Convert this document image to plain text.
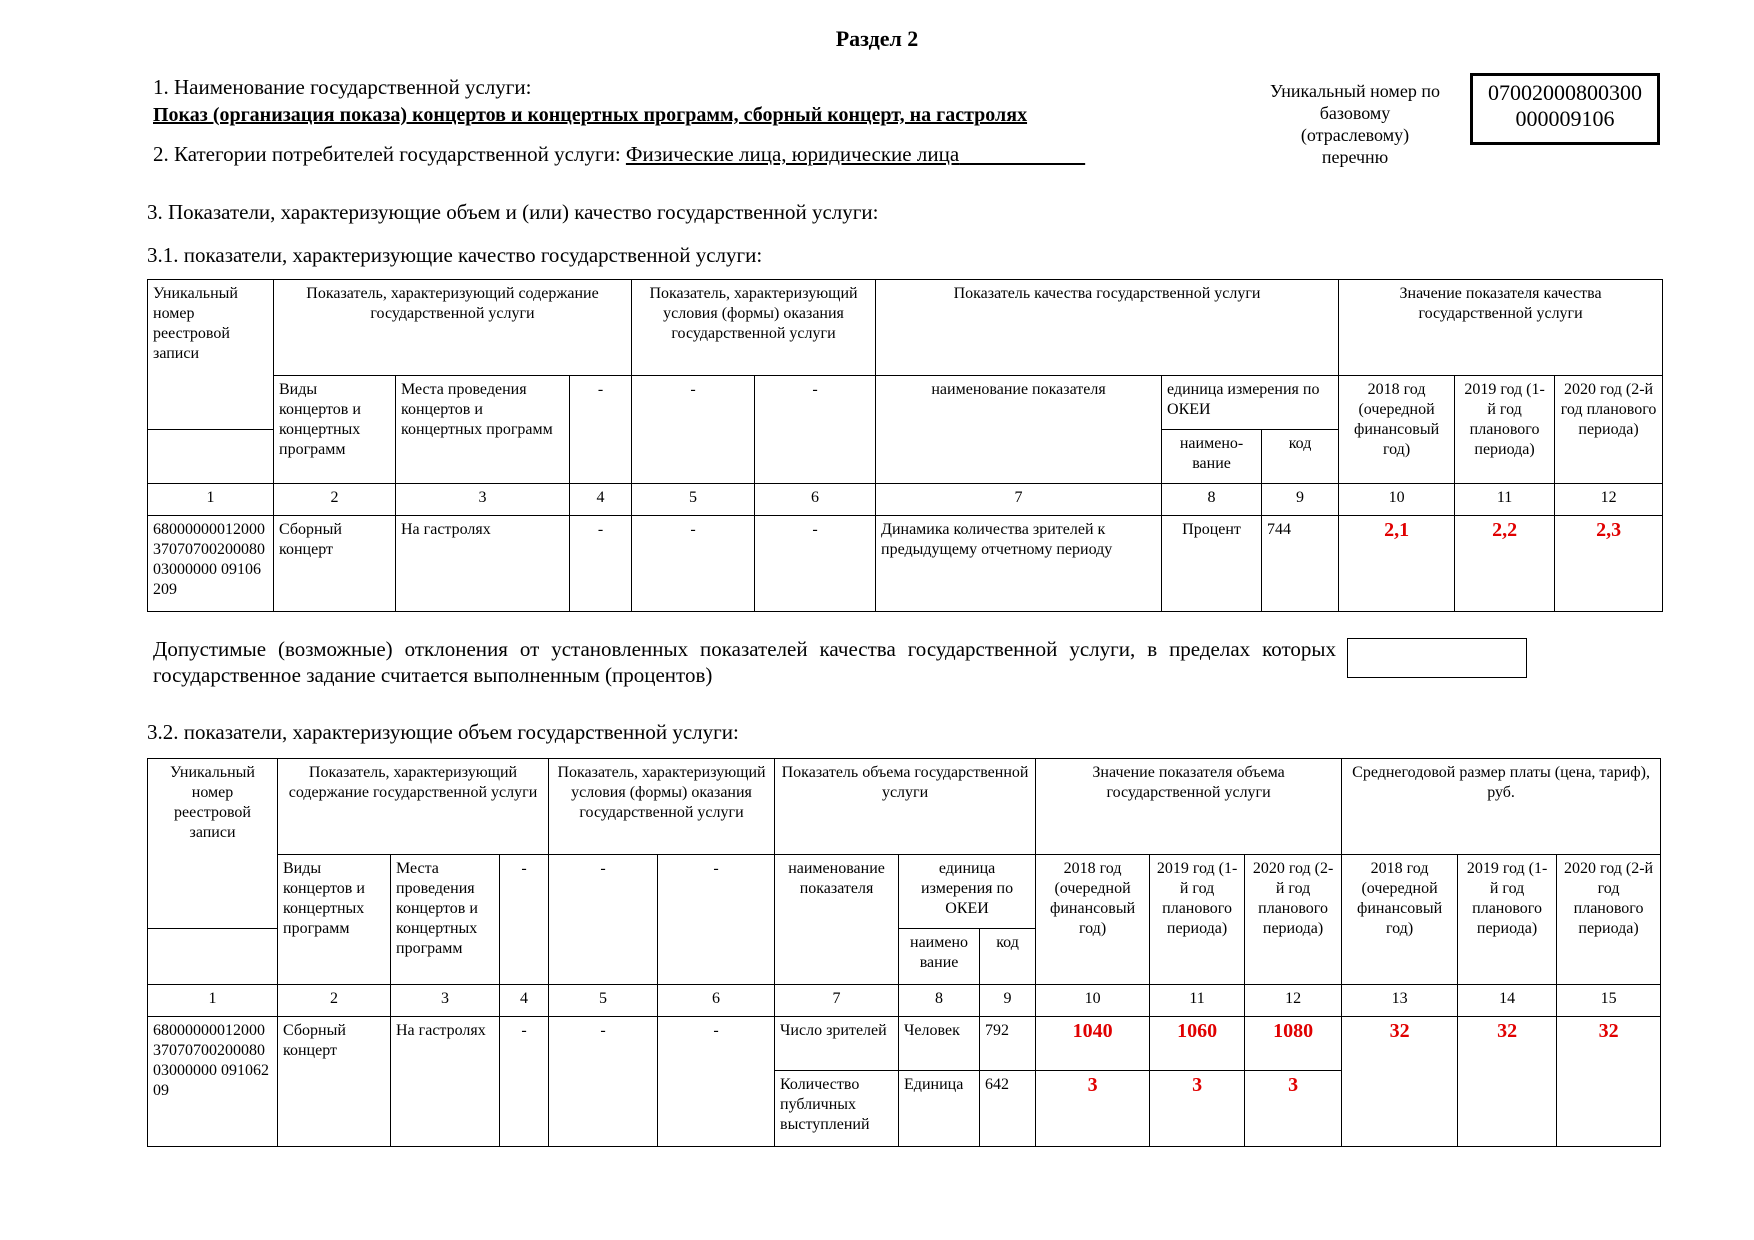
Раздел 2
1. Наименование государственной услуги:
Показ (организация показа) концертов и концертных программ, сборный концерт, на гастролях
2. Категории потребителей государственной услуги: Физические лица, юридические лица
Уникальный номер по
базовому
(отраслевому)
перечню
07002000800300
000009106
3. Показатели, характеризующие объем и (или) качество государственной услуги:
3.1. показатели, характеризующие качество государственной услуги:
Уникальный номер реестровой записи	Показатель, характеризующий содержание государственной услуги			Показатель, характеризующий условия (формы) оказания государственной услуги		Показатель качества государственной услуги			Значение показателя качества государственной услуги		
	Виды концертов и концертных программ	Места проведения концертов и концертных программ	-	-	-	наименование показателя	единица измерения по ОКЕИ		2018 год (очередной финансовый год)	2019 год (1-й год планового периода)	2020 год (2-й год планового периода)
							наимено-вание	код			
1	2	3	4	5	6	7	8	9	10	11	12
680000000120003707070020008003000000 09106209	Сборный концерт	На гастролях	-	-	-	Динамика количества зрителей к предыдущему отчетному периоду	Процент	744	2,1	2,2	2,3
Допустимые (возможные) отклонения от установленных показателей качества государственной услуги, в пределах которых государственное задание считается выполненным (процентов)
3.2. показатели, характеризующие объем государственной услуги:
Уникальный номер реестровой записи	Показатель, характеризующий содержание государственной услуги			Показатель, характеризующий условия (формы) оказания государственной услуги		Показатель объема государственной услуги			Значение показателя объема государственной услуги			Среднегодовой размер платы (цена, тариф), руб.		
	Виды концертов и концертных программ	Места проведения концертов и концертных программ	-	-	-	наименование показателя	единица измерения по ОКЕИ		2018 год (очередной финансовый год)	2019 год (1-й год планового периода)	2020 год (2-й год планового периода)	2018 год (очередной финансовый год)	2019 год (1-й год планового периода)	2020 год (2-й год планового периода)
							наимено вание	код						
1	2	3	4	5	6	7	8	9	10	11	12	13	14	15
680000000120003707070020008003000000 09106209	Сборный концерт	На гастролях	-	-	-	Число зрителей	Человек	792	1040	1060	1080	32	32	32
						Количество публичных выступлений	Единица	642	3	3	3			
